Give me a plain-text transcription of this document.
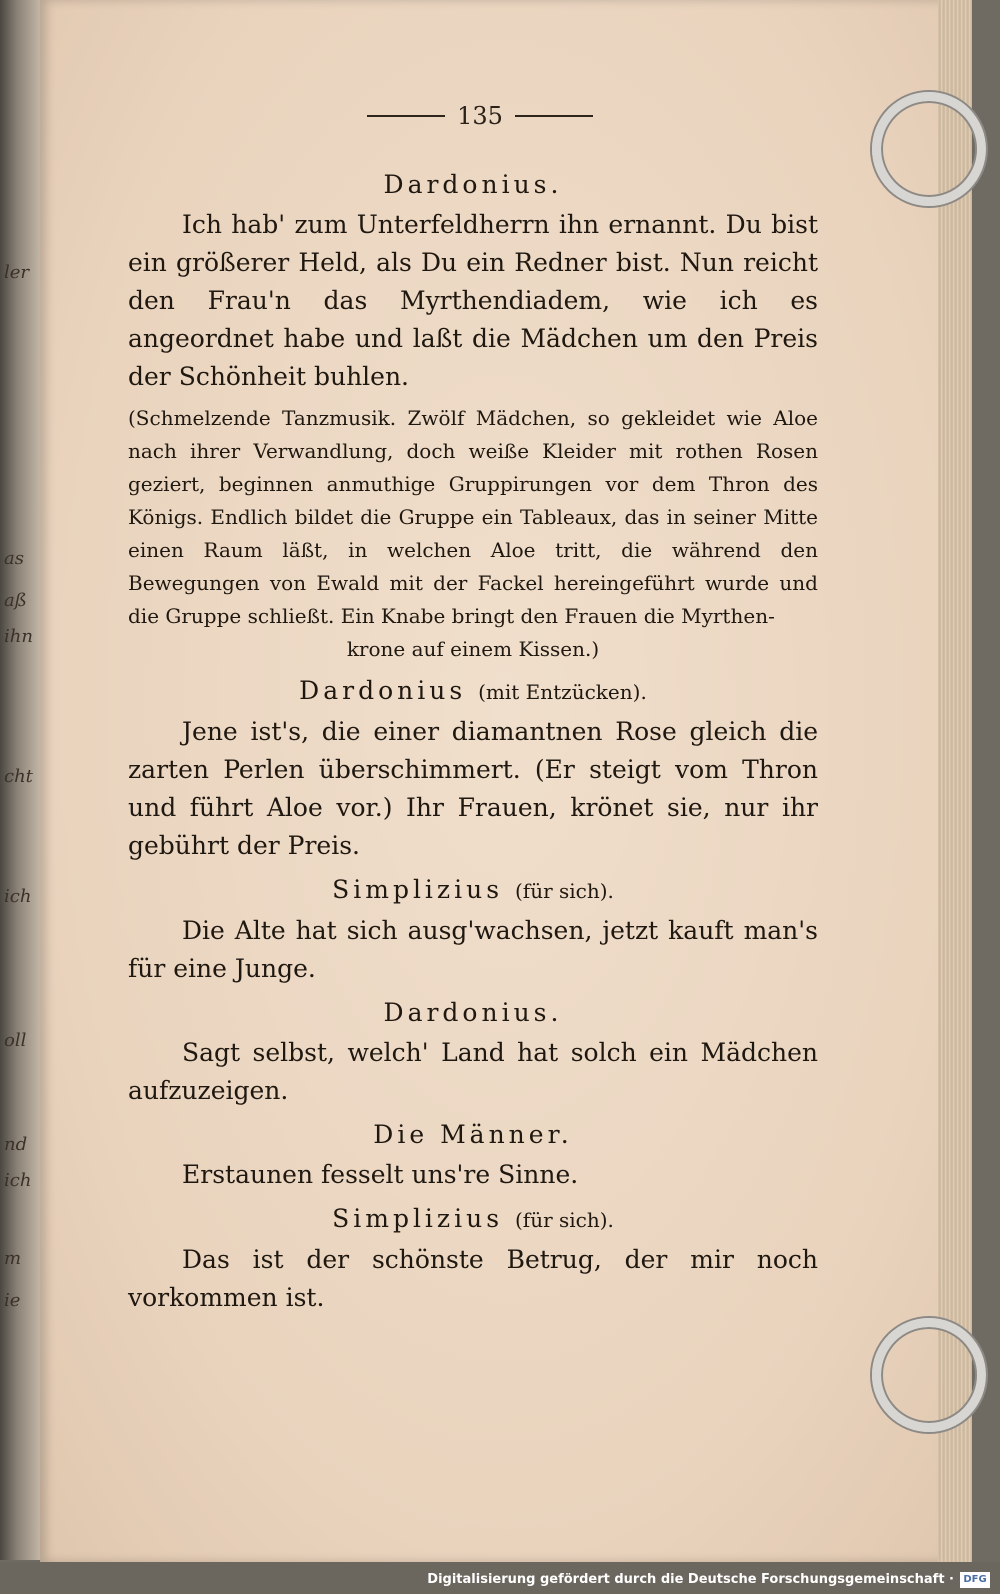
ler
as
aß
ihn
cht
ich
oll
nd
ich
m
ie
135
Dardonius.

Ich hab' zum Unterfeldherrn ihn ernannt. Du bist ein größerer Held, als Du ein Redner bist. Nun reicht den Frau'n das Myrthendiadem, wie ich es angeordnet habe und laßt die Mädchen um den Preis der Schönheit buhlen.

(Schmelzende Tanzmusik. Zwölf Mädchen, so gekleidet wie Aloe nach ihrer Verwandlung, doch weiße Kleider mit rothen Rosen geziert, beginnen anmuthige Gruppirungen vor dem Thron des Königs. Endlich bildet die Gruppe ein Tableaux, das in seiner Mitte einen Raum läßt, in welchen Aloe tritt, die während den Bewegungen von Ewald mit der Fackel hereingeführt wurde und die Gruppe schließt. Ein Knabe bringt den Frauen die Myrthen-
krone auf einem Kissen.)

Dardonius (mit Entzücken).

Jene ist's, die einer diamantnen Rose gleich die zarten Perlen überschimmert. (Er steigt vom Thron und führt Aloe vor.) Ihr Frauen, krönet sie, nur ihr gebührt der Preis.

Simplizius (für sich).

Die Alte hat sich ausg'wachsen, jetzt kauft man's für eine Junge.

Dardonius.

Sagt selbst, welch' Land hat solch ein Mädchen aufzuzeigen.

Die Männer.

Erstaunen fesselt uns're Sinne.

Simplizius (für sich).

Das ist der schönste Betrug, der mir noch vorkommen ist.

Digitalisierung gefördert durch die Deutsche Forschungsgemeinschaft · DFG
